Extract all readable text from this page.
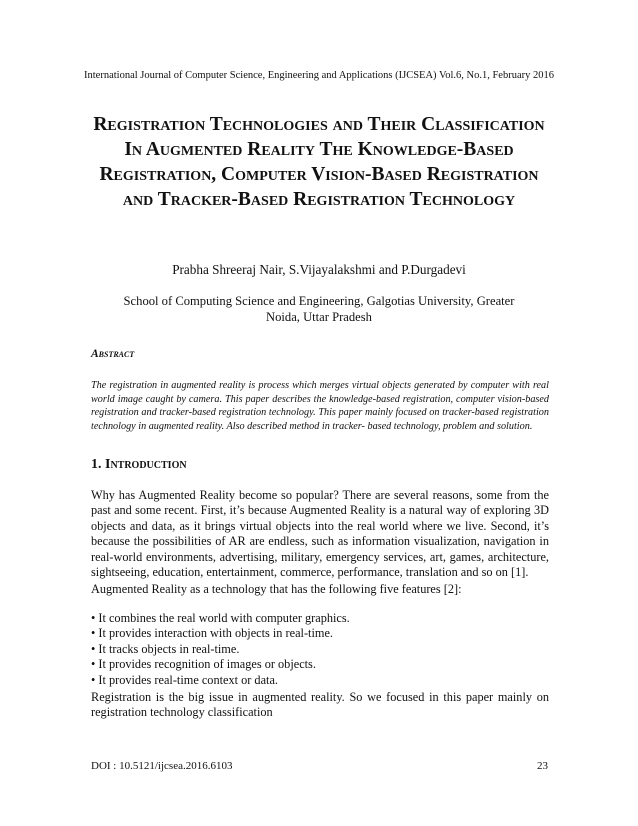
International Journal of Computer Science, Engineering and Applications (IJCSEA) Vol.6, No.1, February 2016
Registration Technologies and Their Classification In Augmented Reality The Knowledge-Based Registration, Computer Vision-Based Registration and Tracker-Based Registration Technology
Prabha Shreeraj Nair, S.Vijayalakshmi and P.Durgadevi
School of Computing Science and Engineering, Galgotias University, Greater Noida, Uttar Pradesh
Abstract

The registration in augmented reality is process which merges virtual objects generated by computer with real world image caught by camera. This paper describes the knowledge-based registration, computer vision-based registration and tracker-based registration technology. This paper mainly focused on tracker-based registration technology in augmented reality. Also described method in tracker- based technology, problem and solution.

1. Introduction

Why has Augmented Reality become so popular? There are several reasons, some from the past and some recent. First, it’s because Augmented Reality is a natural way of exploring 3D objects and data, as it brings virtual objects into the real world where we live. Second, it’s because the possibilities of AR are endless, such as information visualization, navigation in real-world environments, advertising, military, emergency services, art, games, architecture, sightseeing, education, entertainment, commerce, performance, translation and so on [1].

Augmented Reality as a technology that has the following five features [2]:

• It combines the real world with computer graphics.
• It provides interaction with objects in real-time.
• It tracks objects in real-time.
• It provides recognition of images or objects.
• It provides real-time context or data.

Registration is the big issue in augmented reality. So we focused in this paper mainly on registration technology classification

DOI : 10.5121/ijcsea.2016.6103	23
